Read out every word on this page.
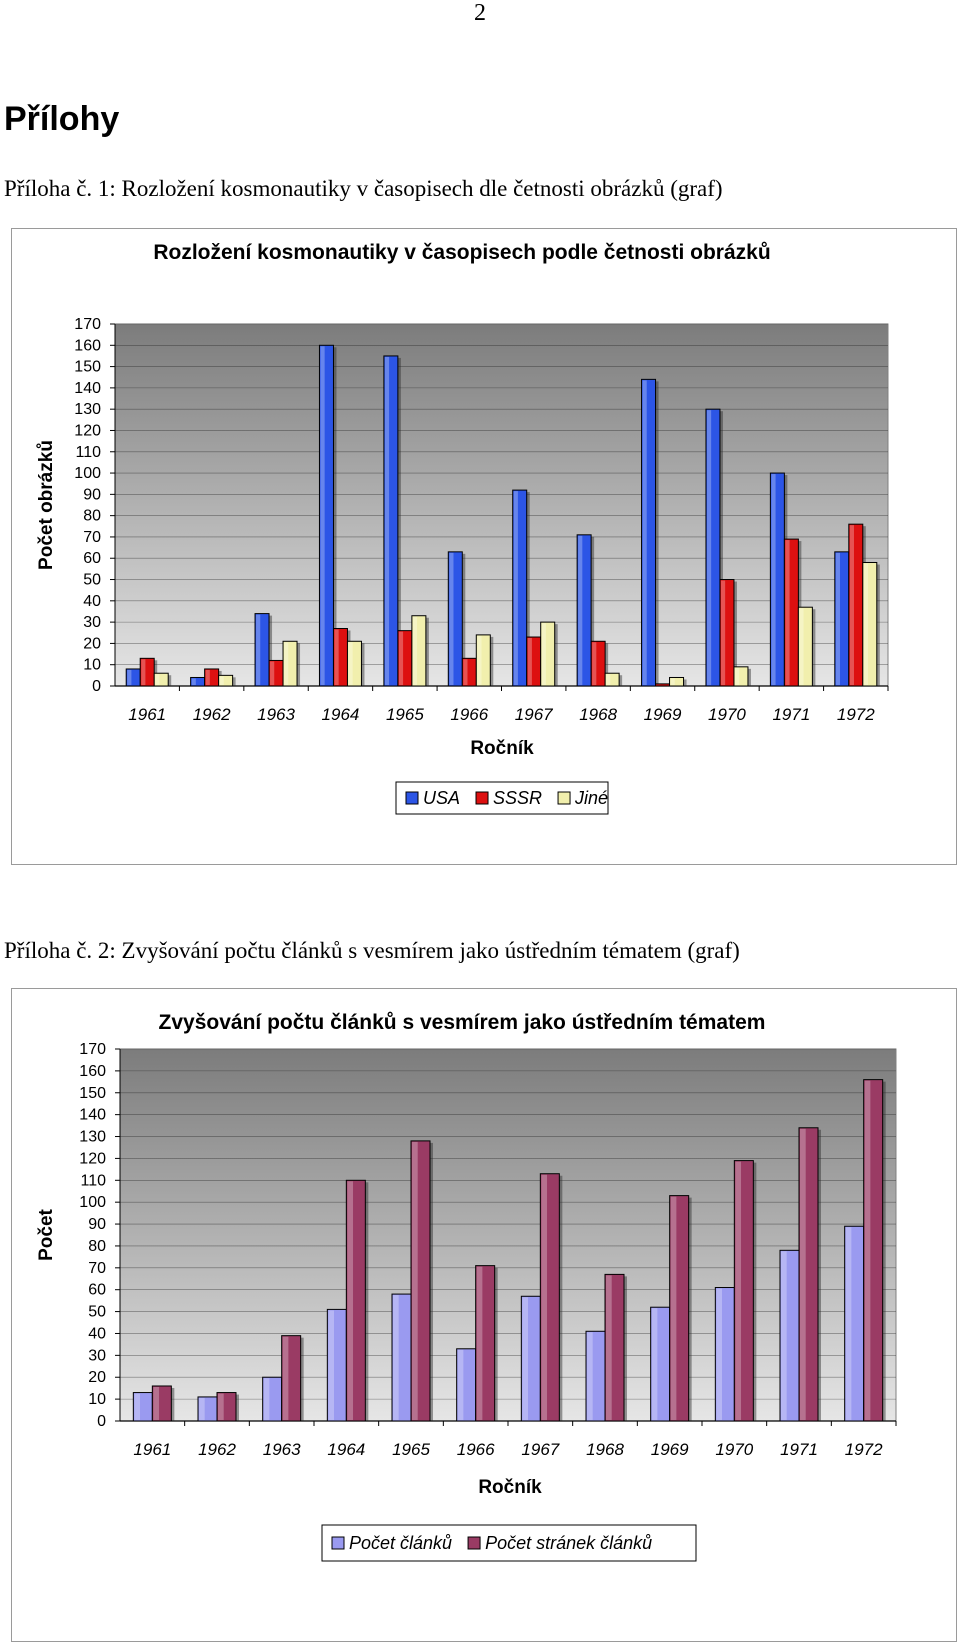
2
Přílohy
Příloha č. 1: Rozložení kosmonautiky v časopisech dle četnosti obrázků (graf)
Rozložení kosmonautiky v časopisech podle četnosti obrázků
0
10
20
30
40
50
60
70
80
90
100
110
120
130
140
150
160
170
1961 1962 1963 1964 1965 1966 1967 1968 1969 1970 1971 1972
Počet obrázků
Ročník
USA SSSR Jiné
Příloha č. 2: Zvyšování počtu článků s vesmírem jako ústředním tématem (graf)
Zvyšování počtu článků s vesmírem jako ústředním tématem
0
10
20
30
40
50
60
70
80
90
100
110
120
130
140
150
160
170
1961 1962 1963 1964 1965 1966 1967 1968 1969 1970 1971 1972
Počet
Ročník
Počet článků Počet stránek článků
